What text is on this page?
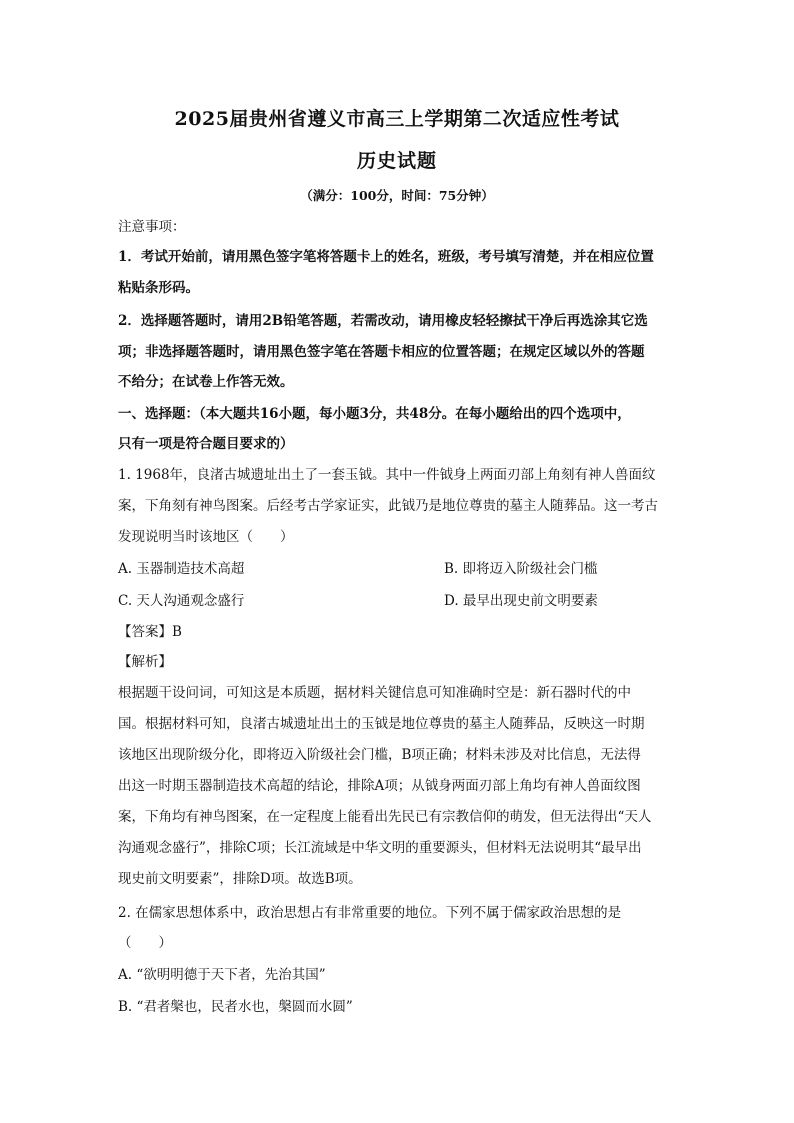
2025届贵州省遵义市高三上学期第二次适应性考试
历史试题
（满分：100分，时间：75分钟）
注意事项：
1．考试开始前，请用黑色签字笔将答题卡上的姓名，班级，考号填写清楚，并在相应位置
粘贴条形码。
2．选择题答题时，请用2B铅笔答题，若需改动，请用橡皮轻轻擦拭干净后再选涂其它选
项；非选择题答题时，请用黑色签字笔在答题卡相应的位置答题；在规定区域以外的答题
不给分；在试卷上作答无效。
一、选择题：（本大题共16小题，每小题3分，共48分。在每小题给出的四个选项中，
只有一项是符合题目要求的）
1. 1968年，良渚古城遗址出土了一套玉钺。其中一件钺身上两面刃部上角刻有神人兽面纹
案，下角刻有神鸟图案。后经考古学家证实，此钺乃是地位尊贵的墓主人随葬品。这一考古
发现说明当时该地区（　　）
A. 玉器制造技术高超	B. 即将迈入阶级社会门槛
C. 天人沟通观念盛行	D. 最早出现史前文明要素
【答案】B
【解析】
根据题干设问词，可知这是本质题，据材料关键信息可知准确时空是：新石器时代的中
国。根据材料可知，良渚古城遗址出土的玉钺是地位尊贵的墓主人随葬品，反映这一时期
该地区出现阶级分化，即将迈入阶级社会门槛，B项正确；材料未涉及对比信息，无法得
出这一时期玉器制造技术高超的结论，排除A项；从钺身两面刃部上角均有神人兽面纹图
案，下角均有神鸟图案，在一定程度上能看出先民已有宗教信仰的萌发，但无法得出“天人
沟通观念盛行”，排除C项；长江流域是中华文明的重要源头，但材料无法说明其“最早出
现史前文明要素”，排除D项。故选B项。
2. 在儒家思想体系中，政治思想占有非常重要的地位。下列不属于儒家政治思想的是
（　　）
A. “欲明明德于天下者，先治其国”
B. “君者槃也，民者水也，槃圆而水圆”
